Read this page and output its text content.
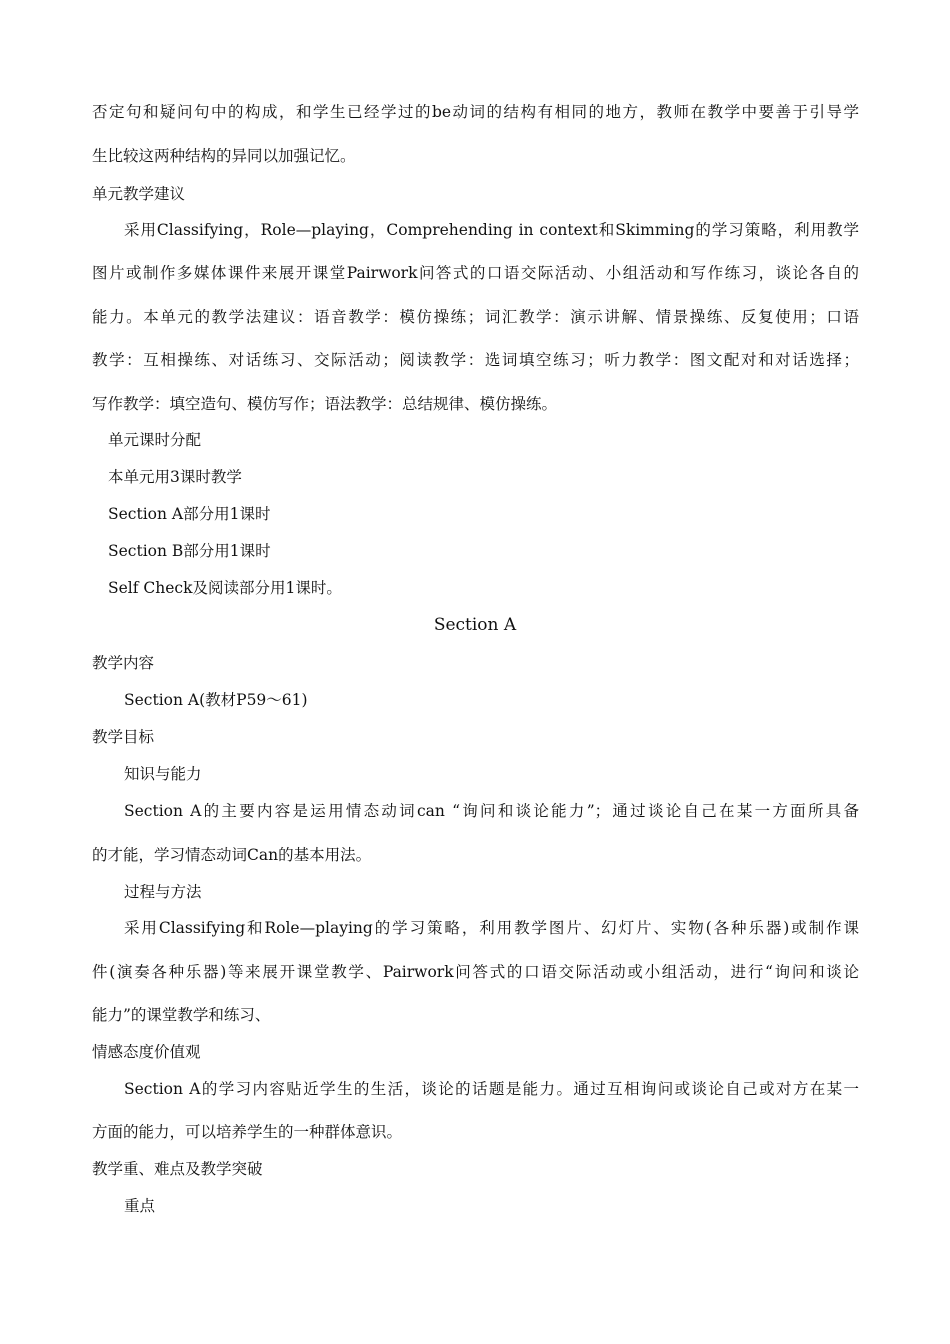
否定句和疑问句中的构成，和学生已经学过的be动词的结构有相同的地方，教师在教学中要善于引导学
生比较这两种结构的异同以加强记忆。
单元教学建议
采用Classifying，Role—playing，Comprehending in context和Skimming的学习策略，利用教学
图片或制作多媒体课件来展开课堂Pairwork问答式的口语交际活动、小组活动和写作练习，谈论各自的
能力。本单元的教学法建议：语音教学：模仿操练；词汇教学：演示讲解、情景操练、反复使用；口语
教学：互相操练、对话练习、交际活动；阅读教学：选词填空练习；听力教学：图文配对和对话选择；
写作教学：填空造句、模仿写作；语法教学：总结规律、模仿操练。
单元课时分配
本单元用3课时教学
Section A部分用1课时
Section B部分用1课时
Self Check及阅读部分用1课时。
Section A
教学内容
Section A(教材P59～61)
教学目标
知识与能力
Section A的主要内容是运用情态动词can “询问和谈论能力”；通过谈论自己在某一方面所具备
的才能，学习情态动词Can的基本用法。
过程与方法
采用Classifying和Role—playing的学习策略，利用教学图片、幻灯片、实物(各种乐器)或制作课
件(演奏各种乐器)等来展开课堂教学、Pairwork问答式的口语交际活动或小组活动，进行“询问和谈论
能力”的课堂教学和练习、
情感态度价值观
Section A的学习内容贴近学生的生活，谈论的话题是能力。通过互相询问或谈论自己或对方在某一
方面的能力，可以培养学生的一种群体意识。
教学重、难点及教学突破
重点
